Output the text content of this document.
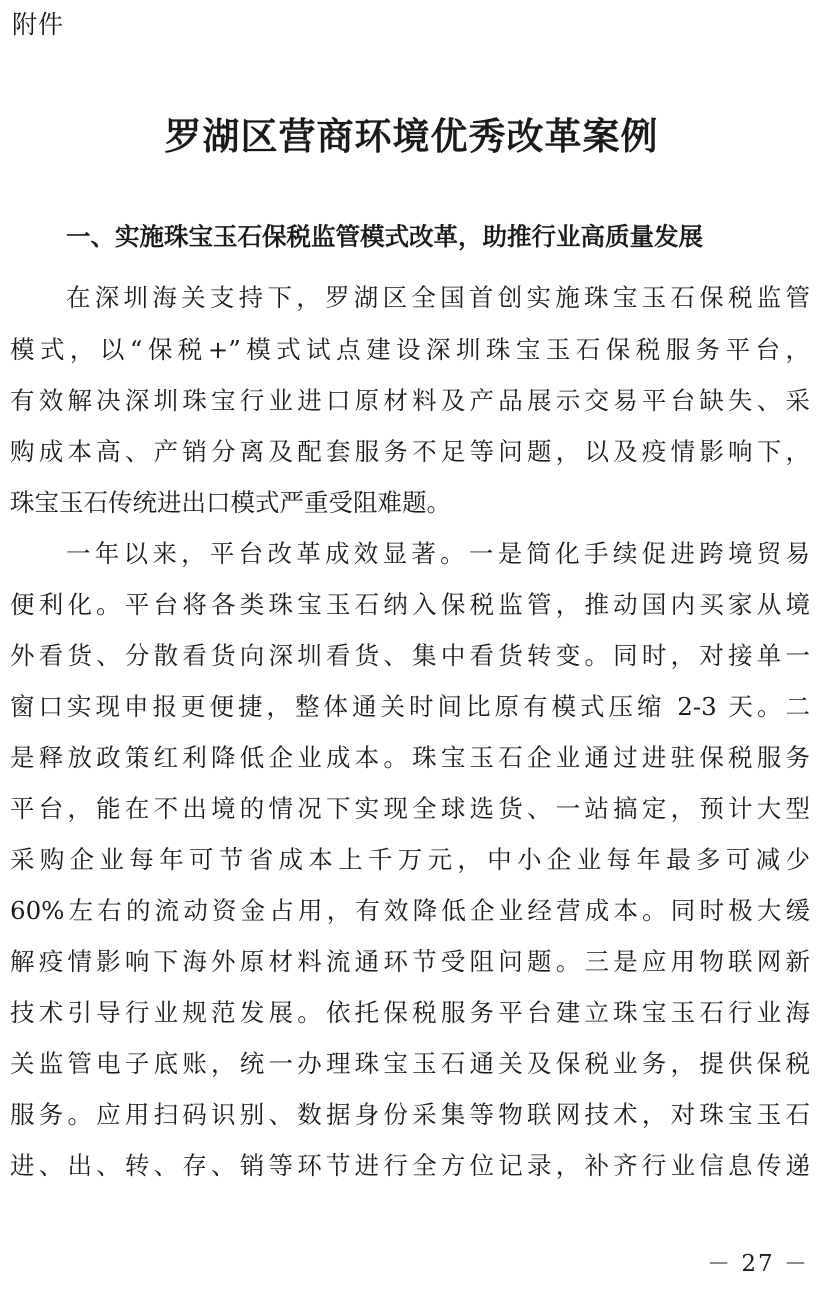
附件
罗湖区营商环境优秀改革案例
一、实施珠宝玉石保税监管模式改革，助推行业高质量发展
在深圳海关支持下，罗湖区全国首创实施珠宝玉石保税监管
模式，以“保税+”模式试点建设深圳珠宝玉石保税服务平台，
有效解决深圳珠宝行业进口原材料及产品展示交易平台缺失、采
购成本高、产销分离及配套服务不足等问题，以及疫情影响下，
珠宝玉石传统进出口模式严重受阻难题。
一年以来，平台改革成效显著。一是简化手续促进跨境贸易
便利化。平台将各类珠宝玉石纳入保税监管，推动国内买家从境
外看货、分散看货向深圳看货、集中看货转变。同时，对接单一
窗口实现申报更便捷，整体通关时间比原有模式压缩 2-3 天。二
是释放政策红利降低企业成本。珠宝玉石企业通过进驻保税服务
平台，能在不出境的情况下实现全球选货、一站搞定，预计大型
采购企业每年可节省成本上千万元，中小企业每年最多可减少
60%左右的流动资金占用，有效降低企业经营成本。同时极大缓
解疫情影响下海外原材料流通环节受阻问题。三是应用物联网新
技术引导行业规范发展。依托保税服务平台建立珠宝玉石行业海
关监管电子底账，统一办理珠宝玉石通关及保税业务，提供保税
服务。应用扫码识别、数据身份采集等物联网技术，对珠宝玉石
进、出、转、存、销等环节进行全方位记录，补齐行业信息传递
－ 27 －
